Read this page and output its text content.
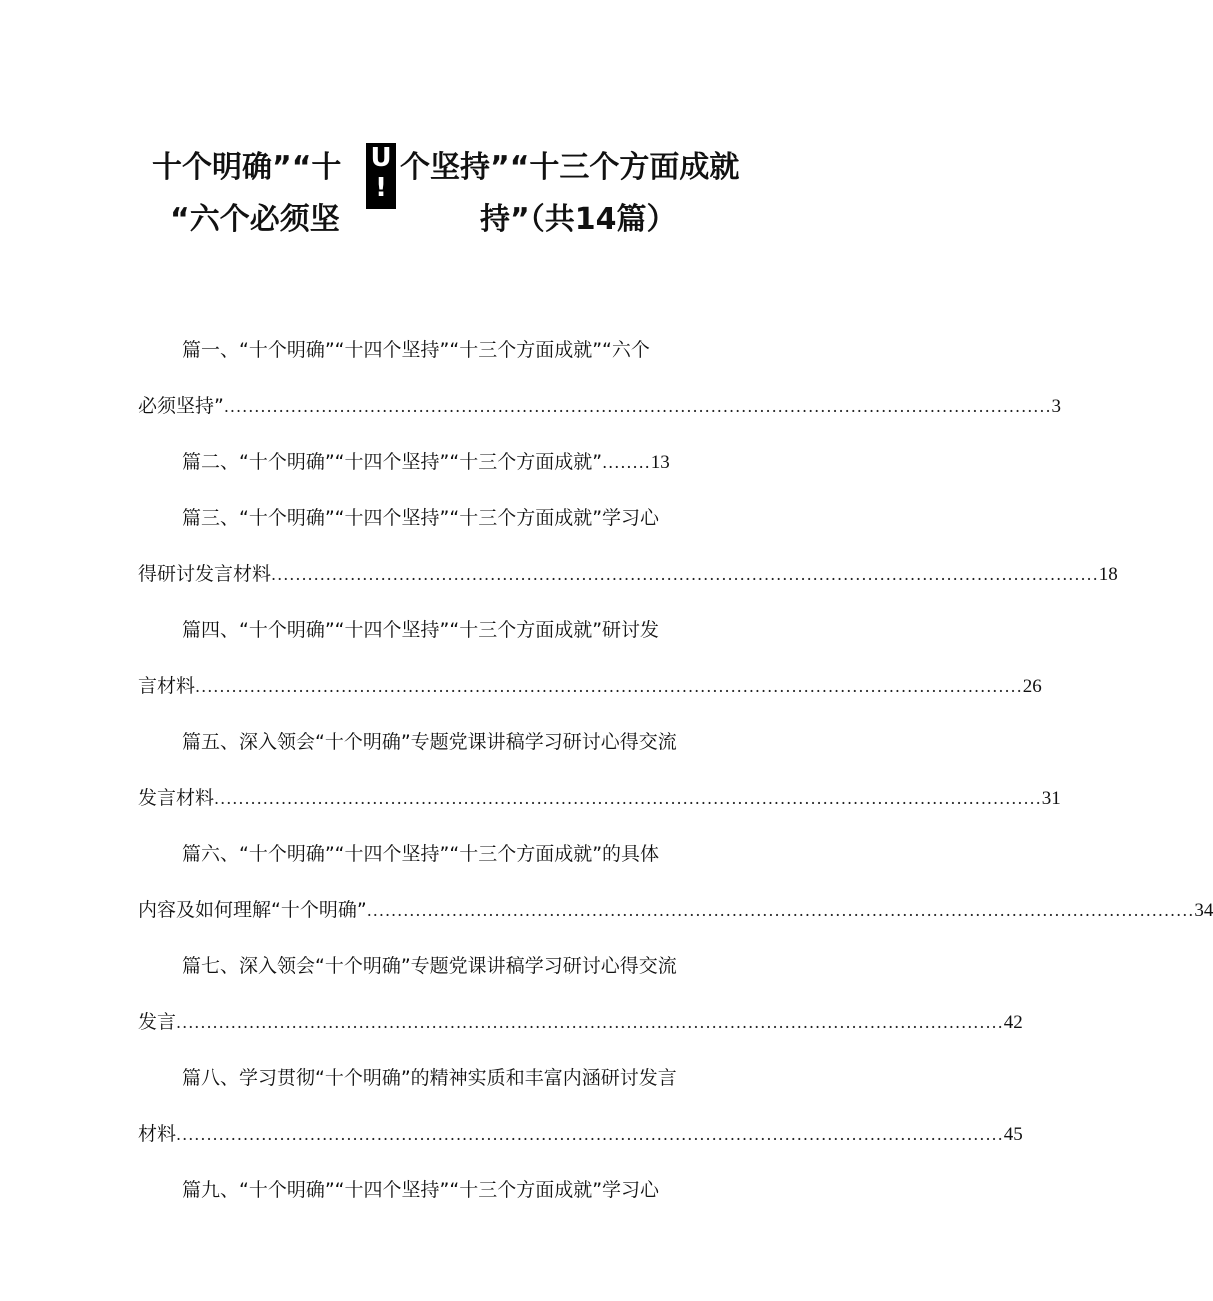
十个明确”“十 个坚持”“十三个方面成就
U
!
“六个必须坚	持”（共14篇）
篇一、“十个明确”“十四个坚持”“十三个方面成就”“六个
必须坚持” ........................................................................................................................................ 3
篇二、“十个明确”“十四个坚持”“十三个方面成就” ........ 13
篇三、“十个明确”“十四个坚持”“十三个方面成就”学习心
得研讨发言材料 ........................................................................................................................................ 18
篇四、“十个明确”“十四个坚持”“十三个方面成就”研讨发
言材料 ........................................................................................................................................ 26
篇五、深入领会“十个明确”专题党课讲稿学习研讨心得交流
发言材料 ........................................................................................................................................ 31
篇六、“十个明确”“十四个坚持”“十三个方面成就”的具体
内容及如何理解“十个明确” ........................................................................................................................................ 34
篇七、深入领会“十个明确”专题党课讲稿学习研讨心得交流
发言 ........................................................................................................................................ 42
篇八、学习贯彻“十个明确”的精神实质和丰富内涵研讨发言
材料 ........................................................................................................................................ 45
篇九、“十个明确”“十四个坚持”“十三个方面成就”学习心
